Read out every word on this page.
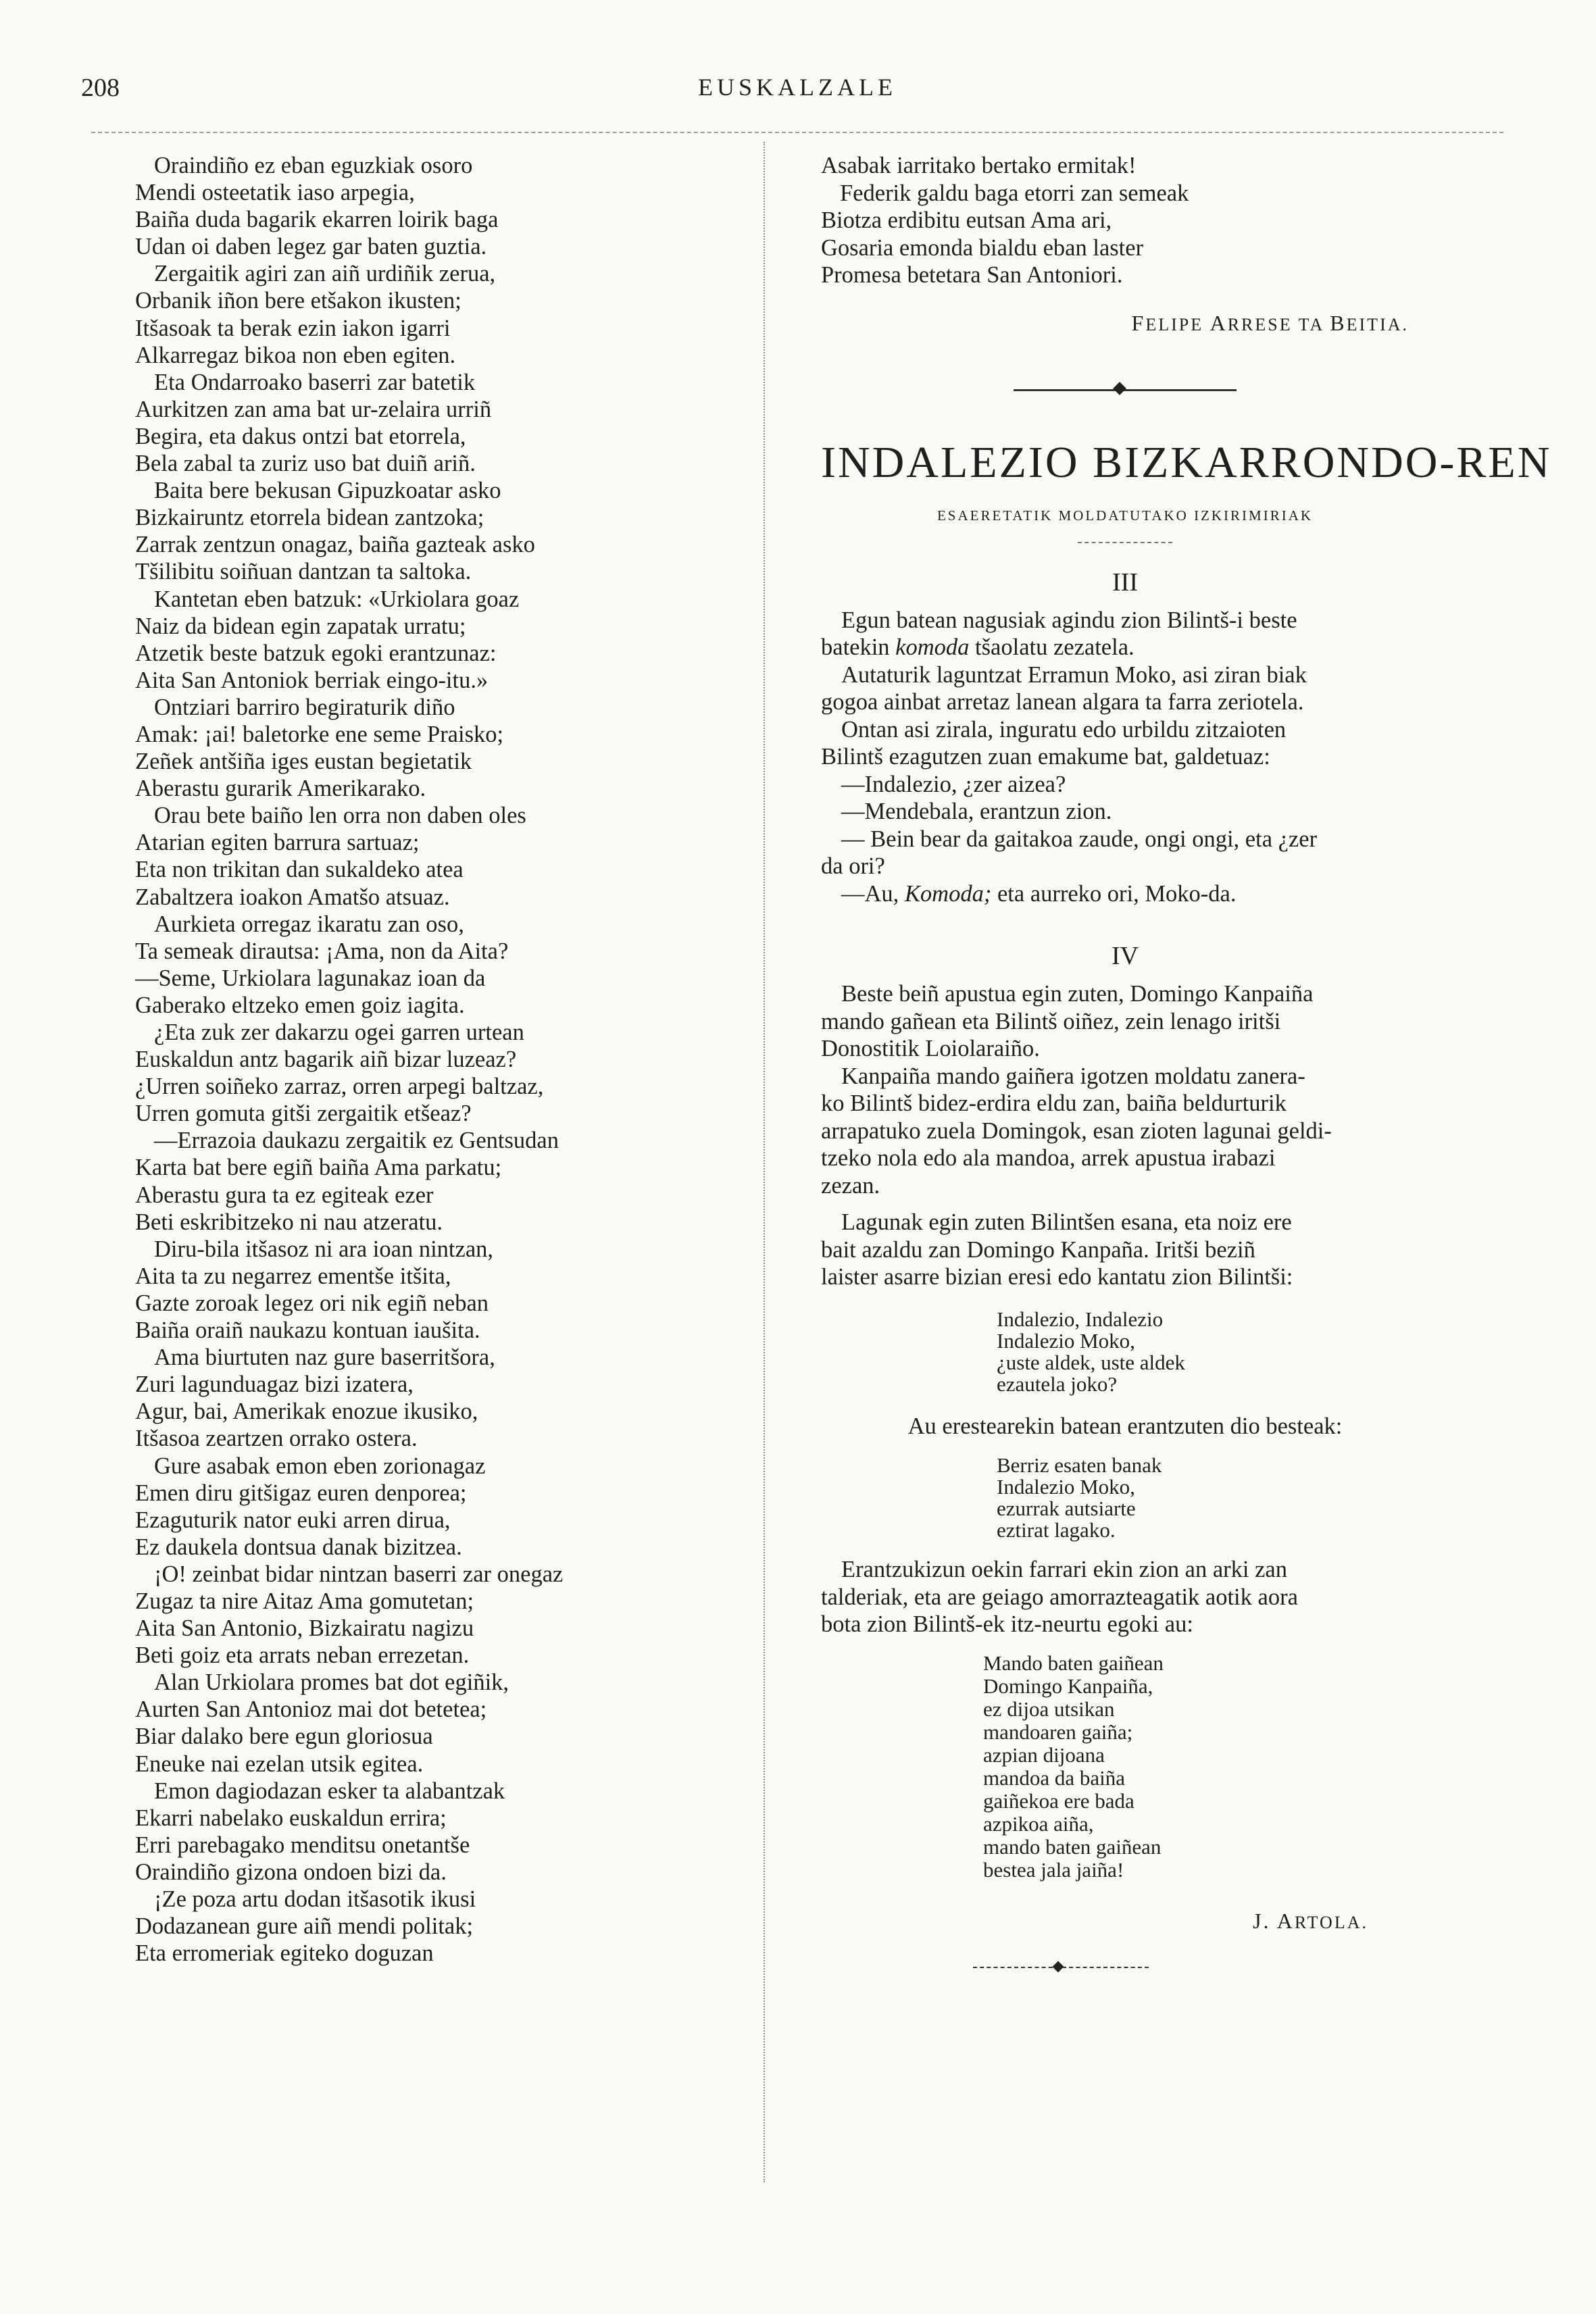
208	EUSKALZALE
Oraindiño ez eban eguzkiak osoro
Mendi osteetatik iaso arpegia,
Baiña duda bagarik ekarren loirik baga
Udan oi daben legez gar baten guztia.
Zergaitik agiri zan aiñ urdiñik zerua,
Orbanik iñon bere etšakon ikusten;
Itšasoak ta berak ezin iakon igarri
Alkarregaz bikoa non eben egiten.
Eta Ondarroako baserri zar batetik
Aurkitzen zan ama bat ur-zelaira urriñ
Begira, eta dakus ontzi bat etorrela,
Bela zabal ta zuriz uso bat duiñ ariñ.
Baita bere bekusan Gipuzkoatar asko
Bizkairuntz etorrela bidean zantzoka;
Zarrak zentzun onagaz, baiña gazteak asko
Tšilibitu soiñuan dantzan ta saltoka.
Kantetan eben batzuk: «Urkiolara goaz
Naiz da bidean egin zapatak urratu;
Atzetik beste batzuk egoki erantzunaz:
Aita San Antoniok berriak eingo-itu.»
Ontziari barriro begiraturik diño
Amak: ¡ai! baletorke ene seme Praisko;
Zeñek antšiña iges eustan begietatik
Aberastu gurarik Amerikarako.
Orau bete baiño len orra non daben oles
Atarian egiten barrura sartuaz;
Eta non trikitan dan sukaldeko atea
Zabaltzera ioakon Amatšo atsuaz.
Aurkieta orregaz ikaratu zan oso,
Ta semeak dirautsa: ¡Ama, non da Aita?
—Seme, Urkiolara lagunakaz ioan da
Gaberako eltzeko emen goiz iagita.
¿Eta zuk zer dakarzu ogei garren urtean
Euskaldun antz bagarik aiñ bizar luzeaz?
¿Urren soiñeko zarraz, orren arpegi baltzaz,
Urren gomuta gitši zergaitik etšeaz?
—Errazoia daukazu zergaitik ez Gentsudan
Karta bat bere egiñ baiña Ama parkatu;
Aberastu gura ta ez egiteak ezer
Beti eskribitzeko ni nau atzeratu.
Diru-bila itšasoz ni ara ioan nintzan,
Aita ta zu negarrez ementše itšita,
Gazte zoroak legez ori nik egiñ neban
Baiña oraiñ naukazu kontuan iaušita.
Ama biurtuten naz gure baserritšora,
Zuri lagunduagaz bizi izatera,
Agur, bai, Amerikak enozue ikusiko,
Itšasoa zeartzen orrako ostera.
Gure asabak emon eben zorionagaz
Emen diru gitšigaz euren denporea;
Ezaguturik nator euki arren dirua,
Ez daukela dontsua danak bizitzea.
¡O! zeinbat bidar nintzan baserri zar onegaz
Zugaz ta nire Aitaz Ama gomutetan;
Aita San Antonio, Bizkairatu nagizu
Beti goiz eta arrats neban errezetan.
Alan Urkiolara promes bat dot egiñik,
Aurten San Antonioz mai dot betetea;
Biar dalako bere egun gloriosua
Eneuke nai ezelan utsik egitea.
Emon dagiodazan esker ta alabantzak
Ekarri nabelako euskaldun errira;
Erri parebagako menditsu onetantše
Oraindiño gizona ondoen bizi da.
¡Ze poza artu dodan itšasotik ikusi
Dodazanean gure aiñ mendi politak;
Eta erromeriak egiteko doguzan
Asabak iarritako bertako ermitak!
Federik galdu baga etorri zan semeak
Biotza erdibitu eutsan Ama ari,
Gosaria emonda bialdu eban laster
Promesa betetara San Antoniori.
FELIPE ARRESE TA BEITIA.
INDALEZIO BIZKARRONDO-REN
ESAERETATIK MOLDATUTAKO IZKIRIMIRIAK
III
Egun batean nagusiak agindu zion Bilintš-i beste
batekin komoda tšaolatu zezatela.
Autaturik laguntzat Erramun Moko, asi ziran biak
gogoa ainbat arretaz lanean algara ta farra zeriotela.
Ontan asi zirala, inguratu edo urbildu zitzaioten
Bilintš ezagutzen zuan emakume bat, galdetuaz:
—Indalezio, ¿zer aizea?
—Mendebala, erantzun zion.
— Bein bear da gaitakoa zaude, ongi ongi, eta ¿zer
da ori?
—Au, Komoda; eta aurreko ori, Moko-da.
IV
Beste beiñ apustua egin zuten, Domingo Kanpaiña
mando gañean eta Bilintš oiñez, zein lenago iritši
Donostitik Loiolaraiño.
Kanpaiña mando gaiñera igotzen moldatu zanera-
ko Bilintš bidez-erdira eldu zan, baiña beldurturik
arrapatuko zuela Domingok, esan zioten lagunai geldi-
tzeko nola edo ala mandoa, arrek apustua irabazi
zezan.
Lagunak egin zuten Bilintšen esana, eta noiz ere
bait azaldu zan Domingo Kanpaña. Iritši beziñ
laister asarre bizian eresi edo kantatu zion Bilintši:
Indalezio, Indalezio
Indalezio Moko,
¿uste aldek, uste aldek
ezautela joko?
Au erestearekin batean erantzuten dio besteak:
Berriz esaten banak
Indalezio Moko,
ezurrak autsiarte
eztirat lagako.
Erantzukizun oekin farrari ekin zion an arki zan
talderiak, eta are geiago amorrazteagatik aotik aora
bota zion Bilintš-ek itz-neurtu egoki au:
Mando baten gaiñean
Domingo Kanpaiña,
ez dijoa utsikan
mandoaren gaiña;
azpian dijoana
mandoa da baiña
gaiñekoa ere bada
azpikoa aiña,
mando baten gaiñean
bestea jala jaiña!
J. ARTOLA.
